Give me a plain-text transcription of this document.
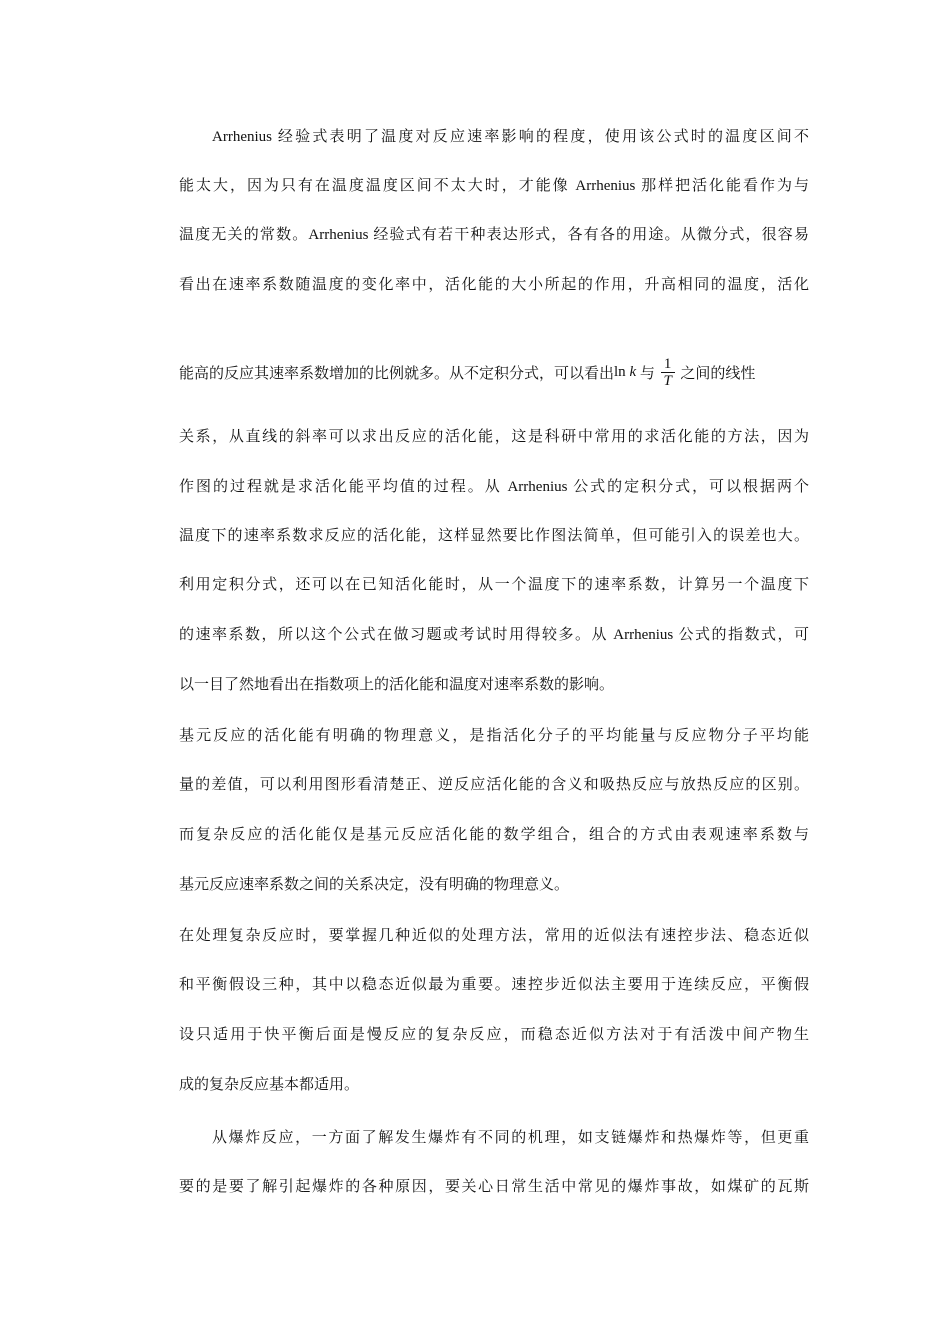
Arrhenius 经验式表明了温度对反应速率影响的程度，使用该公式时的温度区间不
能太大，因为只有在温度温度区间不太大时，才能像 Arrhenius 那样把活化能看作为与
温度无关的常数。Arrhenius 经验式有若干种表达形式，各有各的用途。从微分式，很容易
看出在速率系数随温度的变化率中，活化能的大小所起的作用，升高相同的温度，活化
能高的反应其速率系数增加的比例就多。从不定积分式，可以看出 ln
k 与 $\frac{1}{T}$ 之间的线性
关系，从直线的斜率可以求出反应的活化能，这是科研中常用的求活化能的方法，因为
作图的过程就是求活化能平均值的过程。从 Arrhenius 公式的定积分式，可以根据两个
温度下的速率系数求反应的活化能，这样显然要比作图法简单，但可能引入的误差也大。
利用定积分式，还可以在已知活化能时，从一个温度下的速率系数，计算另一个温度下
的速率系数，所以这个公式在做习题或考试时用得较多。从 Arrhenius 公式的指数式，可
以一目了然地看出在指数项上的活化能和温度对速率系数的影响。
基元反应的活化能有明确的物理意义，是指活化分子的平均能量与反应物分子平均能
量的差值，可以利用图形看清楚正、逆反应活化能的含义和吸热反应与放热反应的区别。
而复杂反应的活化能仅是基元反应活化能的数学组合，组合的方式由表观速率系数与
基元反应速率系数之间的关系决定，没有明确的物理意义。
在处理复杂反应时，要掌握几种近似的处理方法，常用的近似法有速控步法、稳态近似
和平衡假设三种，其中以稳态近似最为重要。速控步近似法主要用于连续反应，平衡假
设只适用于快平衡后面是慢反应的复杂反应，而稳态近似方法对于有活泼中间产物生
成的复杂反应基本都适用。
从爆炸反应，一方面了解发生爆炸有不同的机理，如支链爆炸和热爆炸等，但更重
要的是要了解引起爆炸的各种原因，要关心日常生活中常见的爆炸事故，如煤矿的瓦斯
